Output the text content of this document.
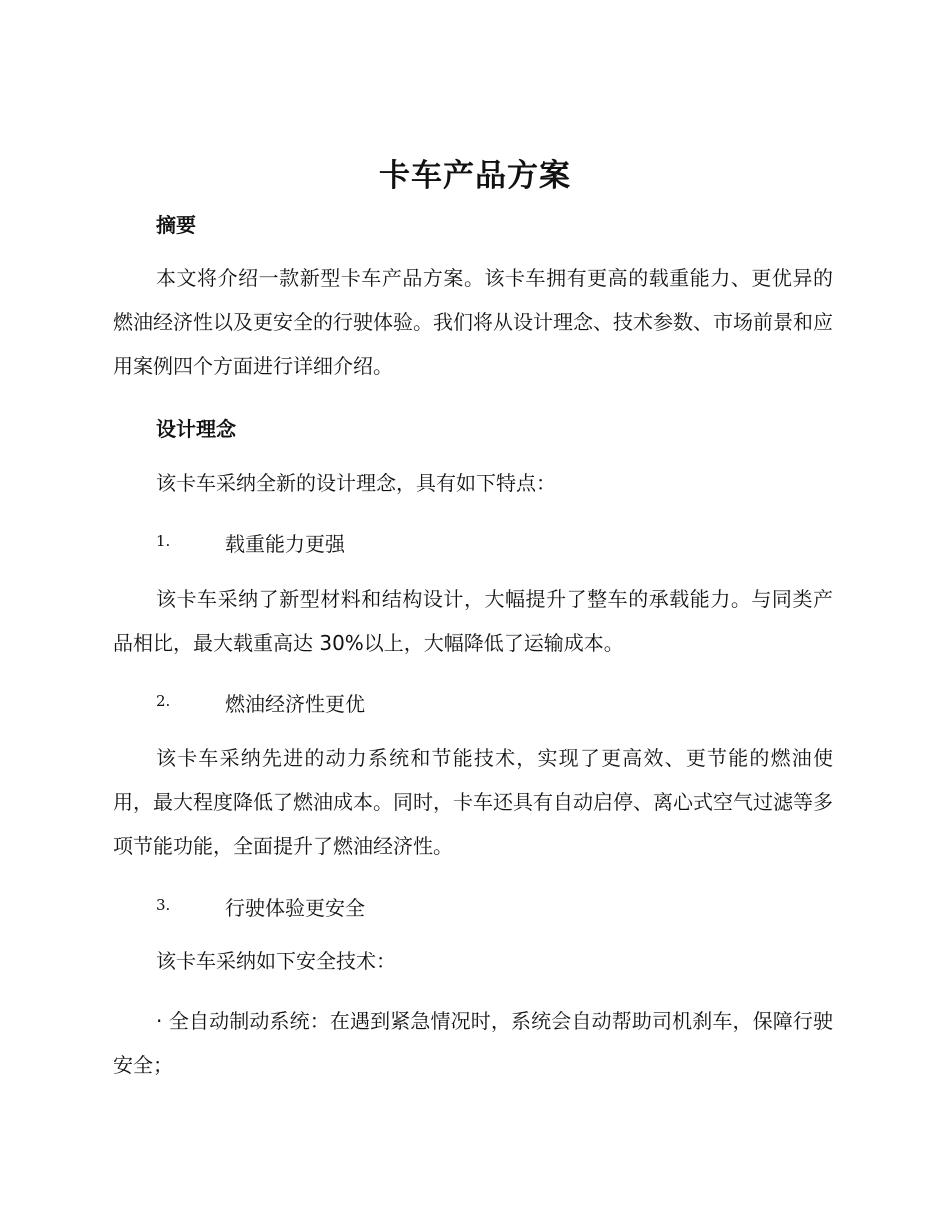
卡车产品方案
摘要

本文将介绍一款新型卡车产品方案。该卡车拥有更高的载重能力、更优异的燃油经济性以及更安全的行驶体验。我们将从设计理念、技术参数、市场前景和应用案例四个方面进行详细介绍。

设计理念

该卡车采纳全新的设计理念，具有如下特点：

1.	载重能力更强

该卡车采纳了新型材料和结构设计，大幅提升了整车的承载能力。与同类产品相比，最大载重高达 30%以上，大幅降低了运输成本。

2.	燃油经济性更优

该卡车采纳先进的动力系统和节能技术，实现了更高效、更节能的燃油使用，最大程度降低了燃油成本。同时，卡车还具有自动启停、离心式空气过滤等多项节能功能，全面提升了燃油经济性。

3.	行驶体验更安全

该卡车采纳如下安全技术：

· 全自动制动系统：在遇到紧急情况时，系统会自动帮助司机刹车，保障行驶安全；
